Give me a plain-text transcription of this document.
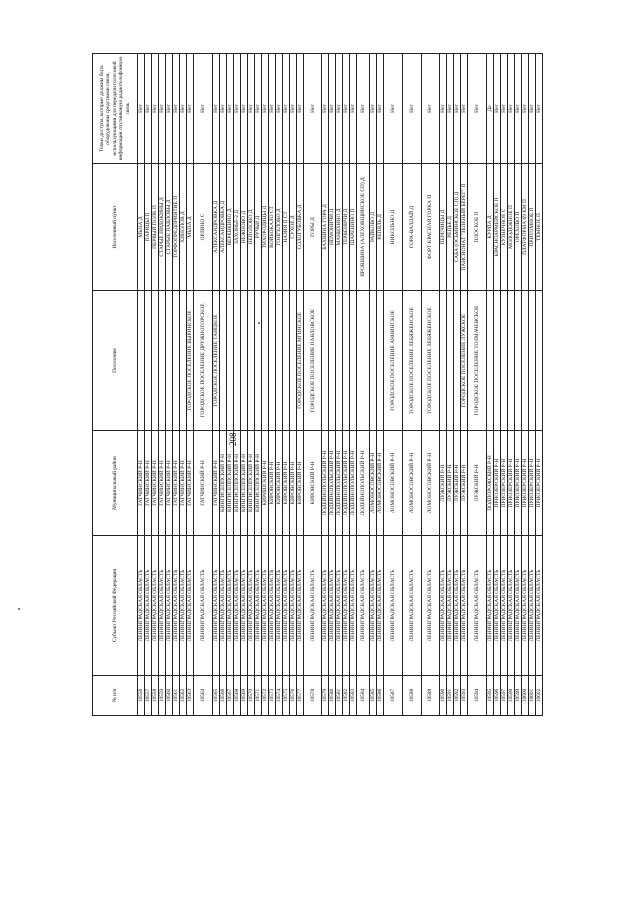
208
№ п/п	Субъект Российской Федерации	Муниципальный район	Поселение	Населенный пункт	Точки доступа, которые должны быть оборудованы средствами связи, использующими для передачи голосовой информации спутниковую радиотелефонную связь
10556	ЛЕНИНГРАДСКАЯ ОБЛАСТЬ	ГАТЧИНСКИЙ Р-Н		МЫЗА Д	Нет
10557	ЛЕНИНГРАДСКАЯ ОБЛАСТЬ	ГАТЧИНСКИЙ Р-Н		ПАРИЦЫ П	Нет
10558	ЛЕНИНГРАДСКАЯ ОБЛАСТЬ	ГАТЧИНСКИЙ Р-Н		ПЕРВЫЙ ПОЛК П	Нет
10559	ЛЕНИНГРАДСКАЯ ОБЛАСТЬ	ГАТЧИНСКИЙ Р-Н		СТАРЫЕ НИДОКИНЫ Д	Нет
10560	ЛЕНИНГРАДСКАЯ ОБЛАСТЬ	ГАТЧИНСКИЙ Р-Н		СТАРЫЕ ПАВЛОВЫ Д	Нет
10561	ЛЕНИНГРАДСКАЯ ОБЛАСТЬ	ГАТЧИНСКИЙ Р-Н		ТОРФОПРЕДПРИЯТИЕ П	Нет
10562	ЛЕНИНГРАДСКАЯ ОБЛАСТЬ	ГАТЧИНСКИЙ Р-Н		ХИНОЛОВ Д	Нет
10563	ЛЕНИНГРАДСКАЯ ОБЛАСТЬ	ГАТЧИНСКИЙ Р-Н	ГОРОДСКОЕ ПОСЕЛЕНИЕ ВЫРИНСКОЕ	МЫЗА Д	Нет
10564	ЛЕНИНГРАДСКАЯ ОБЛАСТЬ	ГАТЧИНСКИЙ Р-Н	ГОРОДСКОЕ ПОСЕЛЕНИЕ ДРУЖНОГОРСКОЕ	ОРЛИНО С	Нет
10565	ЛЕНИНГРАДСКАЯ ОБЛАСТЬ	ГАТЧИНСКИЙ Р-Н	ГОРОДСКОЕ ПОСЕЛЕНИЕ ТАИЦКОЕ	АЛЕКСАНДРОВКА Д	Нет
10566	ЛЕНИНГРАДСКАЯ ОБЛАСТЬ	КИНГИСЕППСКИЙ Р-Н		АЛЕКСАНДРОВКА Д	Нет
10567	ЛЕНИНГРАДСКАЯ ОБЛАСТЬ	КИНГИСЕППСКИЙ Р-Н		ВЕРЕВКИНО Д	Нет
10568	ЛЕНИНГРАДСКАЯ ОБЛАСТЬ	КИНГИСЕППСКИЙ Р-Н		ЗАХОНЬЕ-2 Д	Нет
10569	ЛЕНИНГРАДСКАЯ ОБЛАСТЬ	КИНГИСЕППСКИЙ Р-Н		НЕЖНОВО Д	Нет
10570	ЛЕНИНГРАДСКАЯ ОБЛАСТЬ	КИНГИСЕППСКИЙ Р-Н		НЕПОЛОВО Д	Нет
10571	ЛЕНИНГРАДСКАЯ ОБЛАСТЬ	КИНГИСЕППСКИЙ Р-Н		РУЧЬИ Д	Нет
10572	ЛЕНИНГРАДСКАЯ ОБЛАСТЬ	КИРИШСКИЙ Р-Н		ТИХОРОДИЦЫ Д	Нет
10573	ЛЕНИНГРАДСКАЯ ОБЛАСТЬ	КИРОВСКИЙ Р-Н		ВОЙБОКАЛО СТ	Нет
10574	ЛЕНИНГРАДСКАЯ ОБЛАСТЬ	КИРОВСКИЙ Р-Н		ГОНГЕЛОВО Д	Нет
10575	ЛЕНИНГРАДСКАЯ ОБЛАСТЬ	КИРОВСКИЙ Р-Н		НАЗИЯ П СТ	Нет
10576	ЛЕНИНГРАДСКАЯ ОБЛАСТЬ	КИРОВСКИЙ Р-Н		СУХОЕ Д	Нет
10577	ЛЕНИНГРАДСКАЯ ОБЛАСТЬ	КИРОВСКИЙ Р-Н	ГОРОДСКОЕ ПОСЕЛЕНИЕ МГИНСКОЕ	СОЛОГУБОВКА Д	Нет
10578	ЛЕНИНГРАДСКАЯ ОБЛАСТЬ	КИРОВСКИЙ Р-Н	ГОРОДСКОЕ ПОСЕЛЕНИЕ ПАВЛОВСКОЕ	ГОРЫ Д	Нет
10579	ЛЕНИНГРАДСКАЯ ОБЛАСТЬ	ЛОДЕЙНОПОЛЬСКИЙ Р-Н		БАХВИНА ГОРА Д	Нет
10580	ЛЕНИНГРАДСКАЯ ОБЛАСТЬ	ЛОДЕЙНОПОЛЬСКИЙ Р-Н		НЕМОНИЧИ Д	Нет
10581	ЛЕНИНГРАДСКАЯ ОБЛАСТЬ	ЛОДЕЙНОПОЛЬСКИЙ Р-Н		МАНИХИНО Д	Нет
10582	ЛЕНИНГРАДСКАЯ ОБЛАСТЬ	ЛОДЕЙНОПОЛЬСКИЙ Р-Н		ТЕРВЕНИЧИ Д	Нет
10583	ЛЕНИНГРАДСКАЯ ОБЛАСТЬ	ЛОДЕЙНОПОЛЬСКИЙ Р-Н		ШАРЕНИНО П	Нет
10584	ЛЕНИНГРАДСКАЯ ОБЛАСТЬ	ЛОДЕЙНОПОЛЬСКИЙ Р-Н		ЯРОВЩИНА (АЛЕХОВЩИНСКОЕ СП) Д	Нет
10585	ЛЕНИНГРАДСКАЯ ОБЛАСТЬ	ЛОМОНОСОВСКИЙ Р-Н		РАЙКОВО Д	Нет
10586	ЛЕНИНГРАДСКАЯ ОБЛАСТЬ	ЛОМОНОСОВСКИЙ Р-Н		РЕПЯЛЬ Д	Нет
10587	ЛЕНИНГРАДСКАЯ ОБЛАСТЬ	ЛОМОНОСОВСКИЙ Р-Н	ГОРОДСКОЕ ПОСЕЛЕНИЕ АННИНСКОЕ	НИКОЛЬНО Д	Нет
10588	ЛЕНИНГРАДСКАЯ ОБЛАСТЬ	ЛОМОНОСОВСКИЙ Р-Н	ГОРОДСКОЕ ПОСЕЛЕНИЕ ЛЕБЯЖЕНСКОЕ	ГОРА-ВАЛДАЙ Д	Нет
10589	ЛЕНИНГРАДСКАЯ ОБЛАСТЬ	ЛОМОНОСОВСКИЙ Р-Н	ГОРОДСКОЕ ПОСЕЛЕНИЕ ЛЕБЯЖЕНСКОЕ	ФОРТ КРАСНАЯ ГОРКА П	Нет
10590	ЛЕНИНГРАДСКАЯ ОБЛАСТЬ	ЛУЖСКИЙ Р-Н		ПЕРЕЧИЦЫ Д	Нет
10591	ЛЕНИНГРАДСКАЯ ОБЛАСТЬ	ЛУЖСКИЙ Р-Н		РЕПЬЕ Д	Нет
10592	ЛЕНИНГРАДСКАЯ ОБЛАСТЬ	ЛУЖСКИЙ Р-Н		САБА (ОСЬМИНСКОЕ СП) Д	Нет
10593	ЛЕНИНГРАДСКАЯ ОБЛАСТЬ	ЛУЖСКИЙ Р-Н	ГОРОДСКОЕ ПОСЕЛЕНИЕ ЛУЖСКОЕ	ПАНСИОНАТ "ЗЕЛЕНЫЙ БЕРЕГ" П	Нет
10594	ЛЕНИНГРАДСКАЯ ОБЛАСТЬ	ЛУЖСКИЙ Р-Н	ГОРОДСКОЕ ПОСЕЛЕНИЕ ТОЛМАЧЕВСКОЕ	ПЛОСКОЕ П	Нет
10595	ЛЕНИНГРАДСКАЯ ОБЛАСТЬ	ПОДПОРОЖСКИЙ Р-Н		КУРПА Д	Да
10596	ЛЕНИНГРАДСКАЯ ОБЛАСТЬ	ПРИОЗЕРСКИЙ Р-Н		КРАСНОАРМЕЙСКОЕ П	Нет
10597	ЛЕНИНГРАДСКАЯ ОБЛАСТЬ	ПРИОЗЕРСКИЙ Р-Н		КУЗНЕЧНОЕ С	Нет
10598	ЛЕНИНГРАДСКАЯ ОБЛАСТЬ	ПРИОЗЕРСКИЙ Р-Н		МОЛОДЕЖНОЕ П	Нет
10599	ЛЕНИНГРАДСКАЯ ОБЛАСТЬ	ПРИОЗЕРСКИЙ Р-Н		ОРЕХОВО П	Нет
10600	ЛЕНИНГРАДСКАЯ ОБЛАСТЬ	ПРИОЗЕРСКИЙ Р-Н		ПЛАТФОРМА 69 КМ П	Нет
10601	ЛЕНИНГРАДСКАЯ ОБЛАСТЬ	ПРИОЗЕРСКИЙ Р-Н		ПРИТОМНОЕ П	Нет
10602	ЛЕНИНГРАДСКАЯ ОБЛАСТЬ	ПРИОЗЕРСКИЙ Р-Н		ТЕМНОЕ П	Нет
